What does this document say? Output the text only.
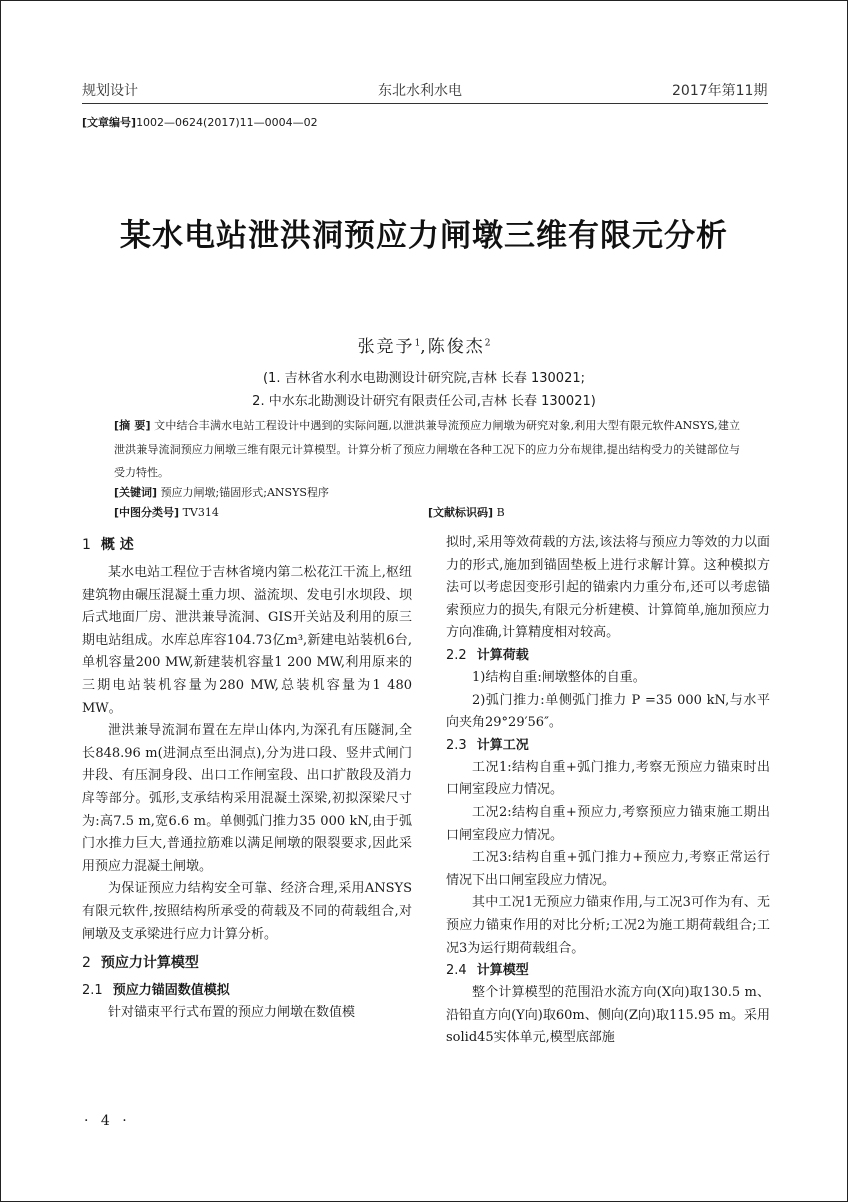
规划设计	东北水利水电	2017年第11期
[文章编号]1002—0624(2017)11—0004—02
某水电站泄洪洞预应力闸墩三维有限元分析
张竞予$^1$,陈俊杰$^2$
(1. 吉林省水利水电勘测设计研究院,吉林 长春 130021;
2. 中水东北勘测设计研究有限责任公司,吉林 长春 130021)
[摘 要] 文中结合丰满水电站工程设计中遇到的实际问题,以泄洪兼导流预应力闸墩为研究对象,利用大型有限元软件ANSYS,建立泄洪兼导流洞预应力闸墩三维有限元计算模型。计算分析了预应力闸墩在各种工况下的应力分布规律,提出结构受力的关键部位与受力特性。
[关键词] 预应力闸墩;锚固形式;ANSYS程序
[中图分类号] TV314	[文献标识码] B
1 概 述

某水电站工程位于吉林省境内第二松花江干流上,枢纽建筑物由碾压混凝土重力坝、溢流坝、发电引水坝段、坝后式地面厂房、泄洪兼导流洞、GIS开关站及利用的原三期电站组成。水库总库容104.73亿m³,新建电站装机6台,单机容量200 MW,新建装机容量1 200 MW,利用原来的三期电站装机容量为280 MW,总装机容量为1 480 MW。

泄洪兼导流洞布置在左岸山体内,为深孔有压隧洞,全长848.96 m(进洞点至出洞点),分为进口段、竖井式闸门井段、有压洞身段、出口工作闸室段、出口扩散段及消力戽等部分。弧形,支承结构采用混凝土深梁,初拟深梁尺寸为:高7.5 m,宽6.6 m。单侧弧门推力35 000 kN,由于弧门水推力巨大,普通拉筋难以满足闸墩的限裂要求,因此采用预应力混凝土闸墩。

为保证预应力结构安全可靠、经济合理,采用ANSYS有限元软件,按照结构所承受的荷载及不同的荷载组合,对闸墩及支承梁进行应力计算分析。

2 预应力计算模型
2.1 预应力锚固数值模拟

针对锚束平行式布置的预应力闸墩在数值模

拟时,采用等效荷载的方法,该法将与预应力等效的力以面力的形式,施加到锚固垫板上进行求解计算。这种模拟方法可以考虑因变形引起的锚索内力重分布,还可以考虑锚索预应力的损失,有限元分析建模、计算简单,施加预应力方向准确,计算精度相对较高。

2.2 计算荷载

1)结构自重:闸墩整体的自重。

2)弧门推力:单侧弧门推力 P =35 000 kN,与水平向夹角29°29′56″。

2.3 计算工况

工况1:结构自重+弧门推力,考察无预应力锚束时出口闸室段应力情况。

工况2:结构自重+预应力,考察预应力锚束施工期出口闸室段应力情况。

工况3:结构自重+弧门推力+预应力,考察正常运行情况下出口闸室段应力情况。

其中工况1无预应力锚束作用,与工况3可作为有、无预应力锚束作用的对比分析;工况2为施工期荷载组合;工况3为运行期荷载组合。

2.4 计算模型

整个计算模型的范围沿水流方向(X向)取130.5 m、沿铅直方向(Y向)取60m、侧向(Z向)取115.95 m。采用solid45实体单元,模型底部施

· 4 ·
